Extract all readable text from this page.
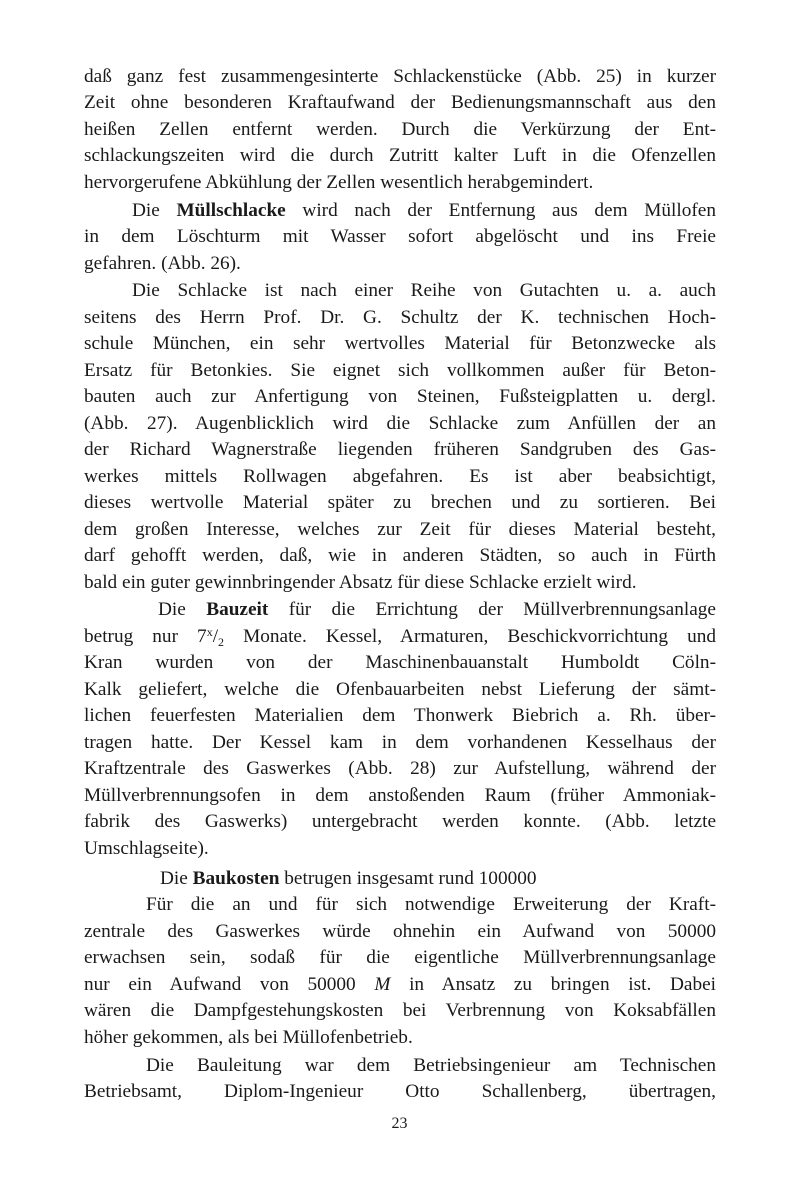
daß ganz fest zusammengesinterte Schlackenstücke (Abb. 25) in kurzer
Zeit ohne besonderen Kraftaufwand der Bedienungsmannschaft aus den
heißen Zellen entfernt werden. Durch die Verkürzung der Ent-
schlackungszeiten wird die durch Zutritt kalter Luft in die Ofenzellen
hervorgerufene Abkühlung der Zellen wesentlich herabgemindert.
Die Müllschlacke wird nach der Entfernung aus dem Müllofen
in dem Löschturm mit Wasser sofort abgelöscht und ins Freie
gefahren. (Abb. 26).
Die Schlacke ist nach einer Reihe von Gutachten u. a. auch
seitens des Herrn Prof. Dr. G. Schultz der K. technischen Hoch-
schule München, ein sehr wertvolles Material für Betonzwecke als
Ersatz für Betonkies. Sie eignet sich vollkommen außer für Beton-
bauten auch zur Anfertigung von Steinen, Fußsteigplatten u. dergl.
(Abb. 27). Augenblicklich wird die Schlacke zum Anfüllen der an
der Richard Wagnerstraße liegenden früheren Sandgruben des Gas-
werkes mittels Rollwagen abgefahren. Es ist aber beabsichtigt,
dieses wertvolle Material später zu brechen und zu sortieren. Bei
dem großen Interesse, welches zur Zeit für dieses Material besteht,
darf gehofft werden, daß, wie in anderen Städten, so auch in Fürth
bald ein guter gewinnbringender Absatz für diese Schlacke erzielt wird.
Die Bauzeit für die Errichtung der Müllverbrennungsanlage
betrug nur $7^x/_2$ Monate. Kessel, Armaturen, Beschickvorrichtung und
Kran wurden von der Maschinenbauanstalt Humboldt Cöln-
Kalk geliefert, welche die Ofenbauarbeiten nebst Lieferung der sämt-
lichen feuerfesten Materialien dem Thonwerk Biebrich a. Rh. über-
tragen hatte. Der Kessel kam in dem vorhandenen Kesselhaus der
Kraftzentrale des Gaswerkes (Abb. 28) zur Aufstellung, während der
Müllverbrennungsofen in dem anstoßenden Raum (früher Ammoniak-
fabrik des Gaswerks) untergebracht werden konnte. (Abb. letzte
Umschlagseite).
Die Baukosten betrugen insgesamt rund 100000
Für die an und für sich notwendige Erweiterung der Kraft-
zentrale des Gaswerkes würde ohnehin ein Aufwand von 50000
erwachsen sein, sodaß für die eigentliche Müllverbrennungsanlage
nur ein Aufwand von 50000 M in Ansatz zu bringen ist. Dabei
wären die Dampfgestehungskosten bei Verbrennung von Koksabfällen
höher gekommen, als bei Müllofenbetrieb.
Die Bauleitung war dem Betriebsingenieur am Technischen
Betriebsamt, Diplom-Ingenieur Otto Schallenberg, übertragen,
23
